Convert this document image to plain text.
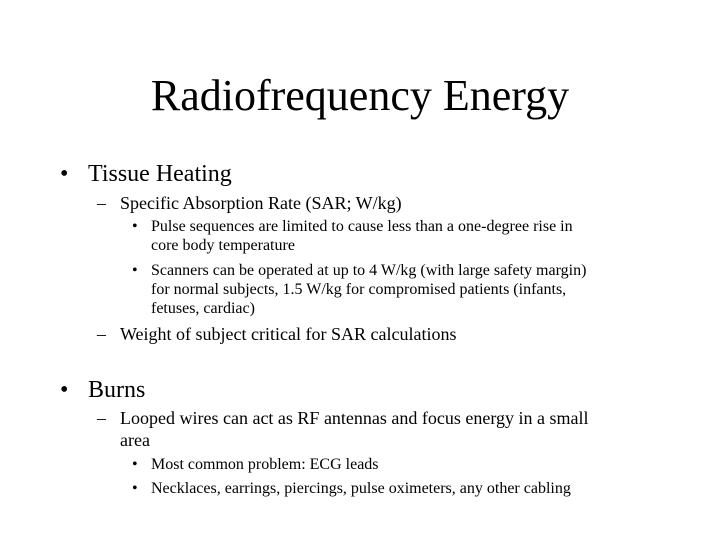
Radiofrequency Energy
• Tissue Heating
– Specific Absorption Rate (SAR; W/kg)
• Pulse sequences are limited to cause less than a one-degree rise in
core body temperature
• Scanners can be operated at up to 4 W/kg (with large safety margin)
for normal subjects, 1.5 W/kg for compromised patients (infants,
fetuses, cardiac)
– Weight of subject critical for SAR calculations
• Burns
– Looped wires can act as RF antennas and focus energy in a small
area
• Most common problem: ECG leads
• Necklaces, earrings, piercings, pulse oximeters, any other cabling
